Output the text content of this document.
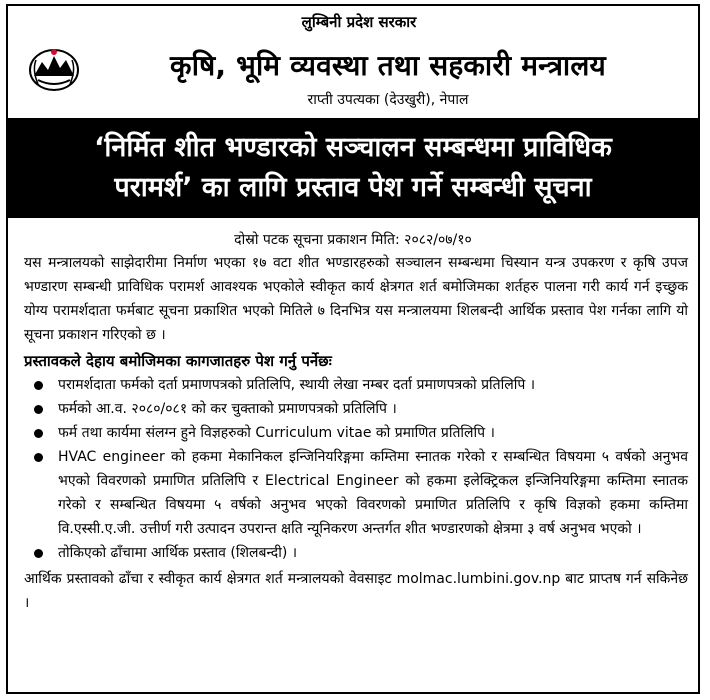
लुम्बिनी प्रदेश सरकार
कृषि, भूमि व्यवस्था तथा सहकारी मन्त्रालय
राप्ती उपत्यका (देउखुरी), नेपाल
‘निर्मित शीत भण्डारको सञ्चालन सम्बन्धमा प्राविधिक
परामर्श’ का लागि प्रस्ताव पेश गर्ने सम्बन्धी सूचना
दोस्रो पटक सूचना प्रकाशन मिति: २०८२/०७/१०
यस मन्त्रालयको साझेदारीमा निर्माण भएका १७ वटा शीत भण्डारहरुको सञ्चालन सम्बन्धमा चिस्यान यन्त्र उपकरण र कृषि उपज भण्डारण सम्बन्धी प्राविधिक परामर्श आवश्यक भएकोले स्वीकृत कार्य क्षेत्रगत शर्त बमोजिमका शर्तहरु पालना गरी कार्य गर्न इच्छुक योग्य परामर्शदाता फर्मबाट सूचना प्रकाशित भएको मितिले ७ दिनभित्र यस मन्त्रालयमा शिलबन्दी आर्थिक प्रस्ताव पेश गर्नका लागि यो सूचना प्रकाशन गरिएको छ ।
प्रस्तावकले देहाय बमोजिमका कागजातहरु पेश गर्नु पर्नेछः
परामर्शदाता फर्मको दर्ता प्रमाणपत्रको प्रतिलिपि, स्थायी लेखा नम्बर दर्ता प्रमाणपत्रको प्रतिलिपि ।
फर्मको आ.व. २०८०/०८१ को कर चुक्ताको प्रमाणपत्रको प्रतिलिपि ।
फर्म तथा कार्यमा संलग्न हुने विज्ञहरुको Curriculum vitae को प्रमाणित प्रतिलिपि ।
HVAC engineer को हकमा मेकानिकल इन्जिनियरिङ्गमा कम्तिमा स्नातक गरेको र सम्बन्धित विषयमा ५ वर्षको अनुभव भएको विवरणको प्रमाणित प्रतिलिपि र Electrical Engineer को हकमा इलेक्ट्रिकल इन्जिनियरिङ्गमा कम्तिमा स्नातक गरेको र सम्बन्धित विषयमा ५ वर्षको अनुभव भएको विवरणको प्रमाणित प्रतिलिपि र कृषि विज्ञको हकमा कम्तिमा वि.एस्सी.ए.जी. उत्तीर्ण गरी उत्पादन उपरान्त क्षति न्यूनिकरण अन्तर्गत शीत भण्डारणको क्षेत्रमा ३ वर्ष अनुभव भएको ।
तोकिएको ढाँचामा आर्थिक प्रस्ताव (शिलबन्दी) ।
आर्थिक प्रस्तावको ढाँचा र स्वीकृत कार्य क्षेत्रगत शर्त मन्त्रालयको वेवसाइट molmac.lumbini.gov.np बाट प्राप्तष गर्न सकिनेछ ।
